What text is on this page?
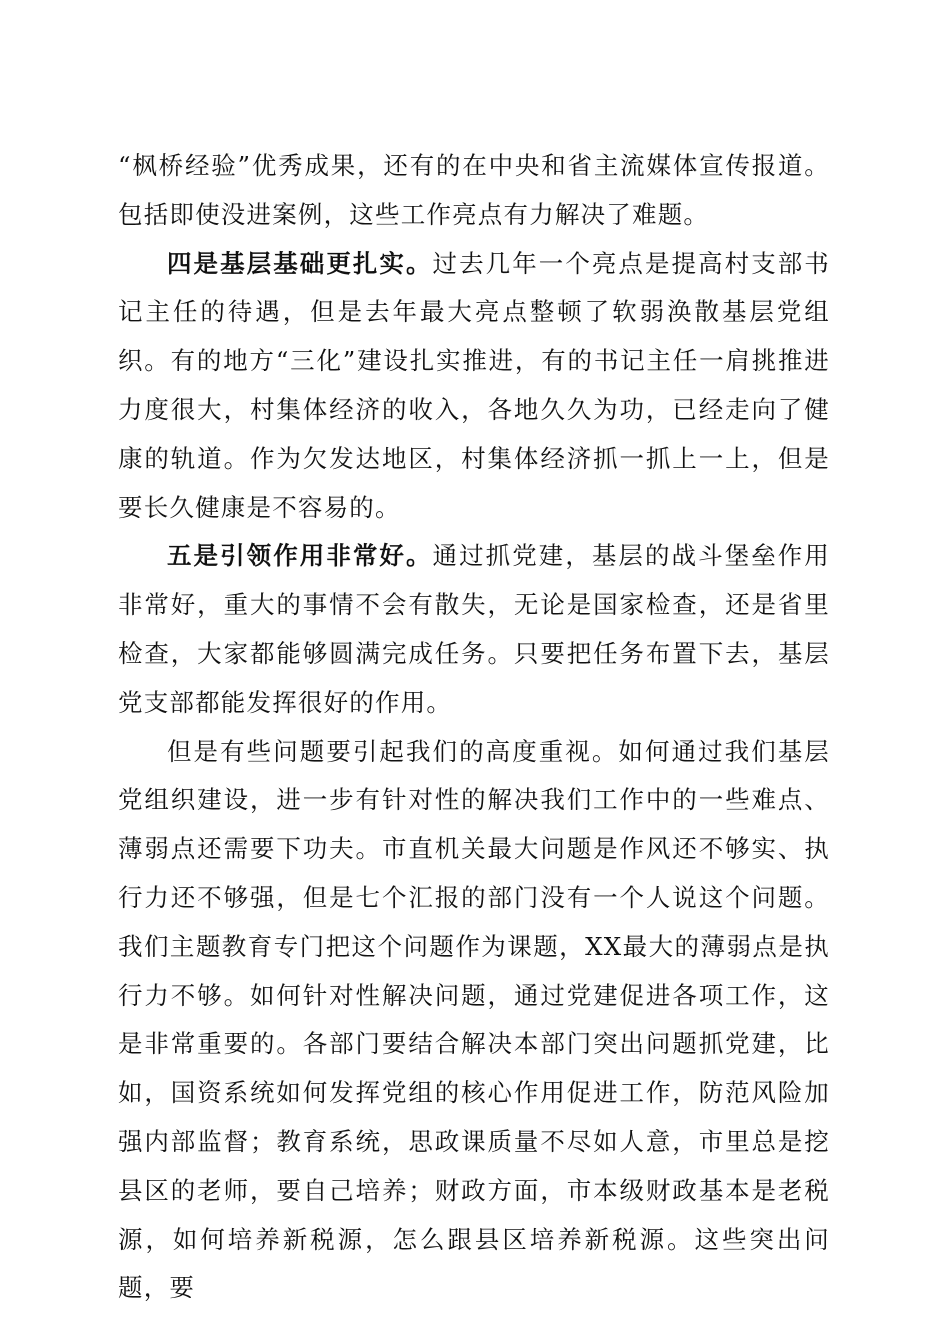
“枫桥经验”优秀成果，还有的在中央和省主流媒体宣传报道。包括即使没进案例，这些工作亮点有力解决了难题。

四是基层基础更扎实。过去几年一个亮点是提高村支部书记主任的待遇，但是去年最大亮点整顿了软弱涣散基层党组织。有的地方“三化”建设扎实推进，有的书记主任一肩挑推进力度很大，村集体经济的收入，各地久久为功，已经走向了健康的轨道。作为欠发达地区，村集体经济抓一抓上一上，但是要长久健康是不容易的。

五是引领作用非常好。通过抓党建，基层的战斗堡垒作用非常好，重大的事情不会有散失，无论是国家检查，还是省里检查，大家都能够圆满完成任务。只要把任务布置下去，基层党支部都能发挥很好的作用。

但是有些问题要引起我们的高度重视。如何通过我们基层党组织建设，进一步有针对性的解决我们工作中的一些难点、薄弱点还需要下功夫。市直机关最大问题是作风还不够实、执行力还不够强，但是七个汇报的部门没有一个人说这个问题。我们主题教育专门把这个问题作为课题，XX最大的薄弱点是执行力不够。如何针对性解决问题，通过党建促进各项工作，这是非常重要的。各部门要结合解决本部门突出问题抓党建，比如，国资系统如何发挥党组的核心作用促进工作，防范风险加强内部监督；教育系统，思政课质量不尽如人意，市里总是挖县区的老师，要自己培养；财政方面，市本级财政基本是老税源，如何培养新税源，怎么跟县区培养新税源。这些突出问题，要
